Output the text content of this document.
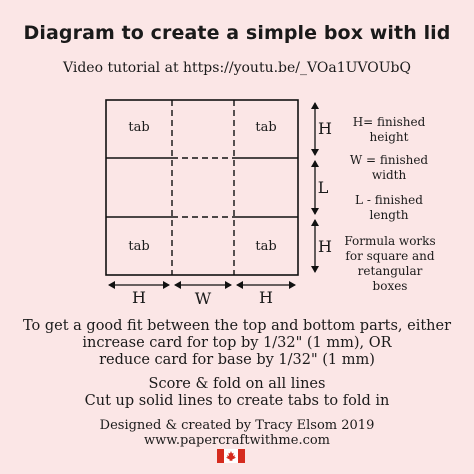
Diagram to create a simple box with lid
Video tutorial at https://youtu.be/_VOa1UVOUbQ
tab	tab
tab	tab
H
L
H
H	W	H
H= finished
height
W = finished
width
L - finished
length
Formula works
for square and
retangular boxes
To get a good fit between the top and bottom parts, either
increase card for top by 1/32" (1 mm), OR
reduce card for base by 1/32" (1 mm)
Score & fold on all lines
Cut up solid lines to create tabs to fold in
Designed & created by Tracy Elsom 2019
www.papercraftwithme.com
